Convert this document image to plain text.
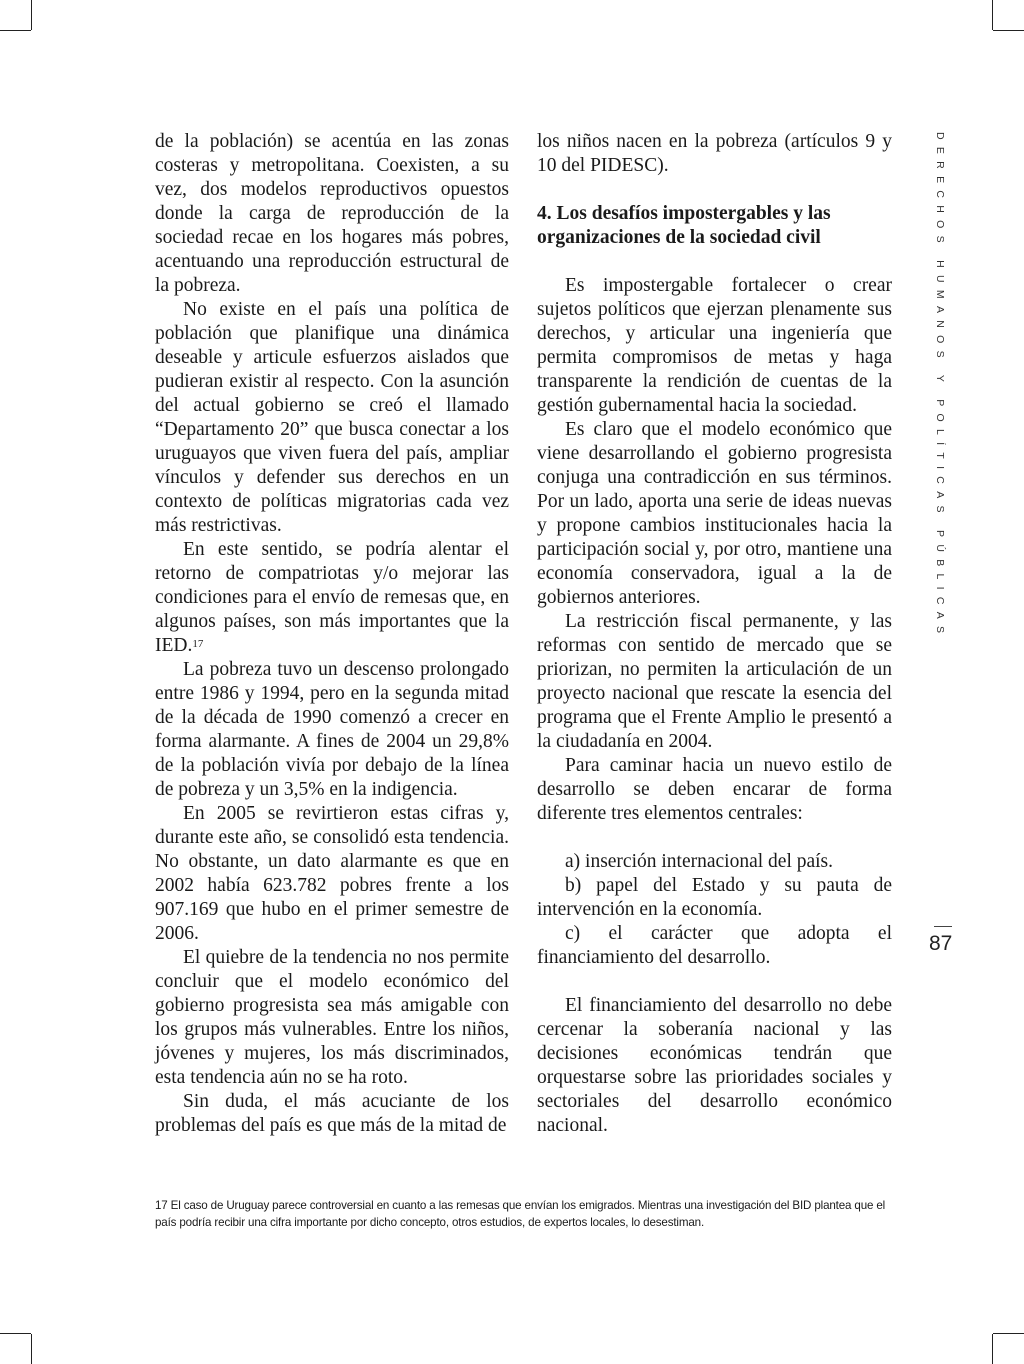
de la población) se acentúa en las zonas costeras y metropolitana. Coexisten, a su vez, dos modelos reproductivos opuestos donde la carga de reproducción de la sociedad recae en los hogares más pobres, acentuando una reproducción estructural de la pobreza.

No existe en el país una política de población que planifique una dinámica deseable y articule esfuerzos aislados que pudieran existir al respecto. Con la asunción del actual gobierno se creó el llamado “Departamento 20” que busca conectar a los uruguayos que viven fuera del país, ampliar vínculos y defender sus derechos en un contexto de políticas migratorias cada vez más restrictivas.

En este sentido, se podría alentar el retorno de compatriotas y/o mejorar las condiciones para el envío de remesas que, en algunos países, son más importantes que la IED.$^{17}$

La pobreza tuvo un descenso prolongado entre 1986 y 1994, pero en la segunda mitad de la década de 1990 comenzó a crecer en forma alarmante. A fines de 2004 un 29,8% de la población vivía por debajo de la línea de pobreza y un 3,5% en la indigencia.

En 2005 se revirtieron estas cifras y, durante este año, se consolidó esta tendencia. No obstante, un dato alarmante es que en 2002 había 623.782 pobres frente a los 907.169 que hubo en el primer semestre de 2006.

El quiebre de la tendencia no nos permite concluir que el modelo económico del gobierno progresista sea más amigable con los grupos más vulnerables. Entre los niños, jóvenes y mujeres, los más discriminados, esta tendencia aún no se ha roto.

Sin duda, el más acuciante de los problemas del país es que más de la mitad de

los niños nacen en la pobreza (artículos 9 y 10 del PIDESC).

4. Los desafíos impostergables y las organizaciones de la sociedad civil

Es impostergable fortalecer o crear sujetos políticos que ejerzan plenamente sus derechos, y articular una ingeniería que permita compromisos de metas y haga transparente la rendición de cuentas de la gestión gubernamental hacia la sociedad.

Es claro que el modelo económico que viene desarrollando el gobierno progresista conjuga una contradicción en sus términos. Por un lado, aporta una serie de ideas nuevas y propone cambios institucionales hacia la participación social y, por otro, mantiene una economía conservadora, igual a la de gobiernos anteriores.

La restricción fiscal permanente, y las reformas con sentido de mercado que se priorizan, no permiten la articulación de un proyecto nacional que rescate la esencia del programa que el Frente Amplio le presentó a la ciudadanía en 2004.

Para caminar hacia un nuevo estilo de desarrollo se deben encarar de forma diferente tres elementos centrales:

a) inserción internacional del país.

b) papel del Estado y su pauta de intervención en la economía.

c) el carácter que adopta el financiamiento del desarrollo.

El financiamiento del desarrollo no debe cercenar la soberanía nacional y las decisiones económicas tendrán que orquestarse sobre las prioridades sociales y sectoriales del desarrollo económico nacional.

DERECHOS HUMANOS Y POLÍTICAS PÚBLICAS
87
17 El caso de Uruguay parece controversial en cuanto a las remesas que envían los emigrados. Mientras una investigación del BID plantea que el país podría recibir una cifra importante por dicho concepto, otros estudios, de expertos locales, lo desestiman.
